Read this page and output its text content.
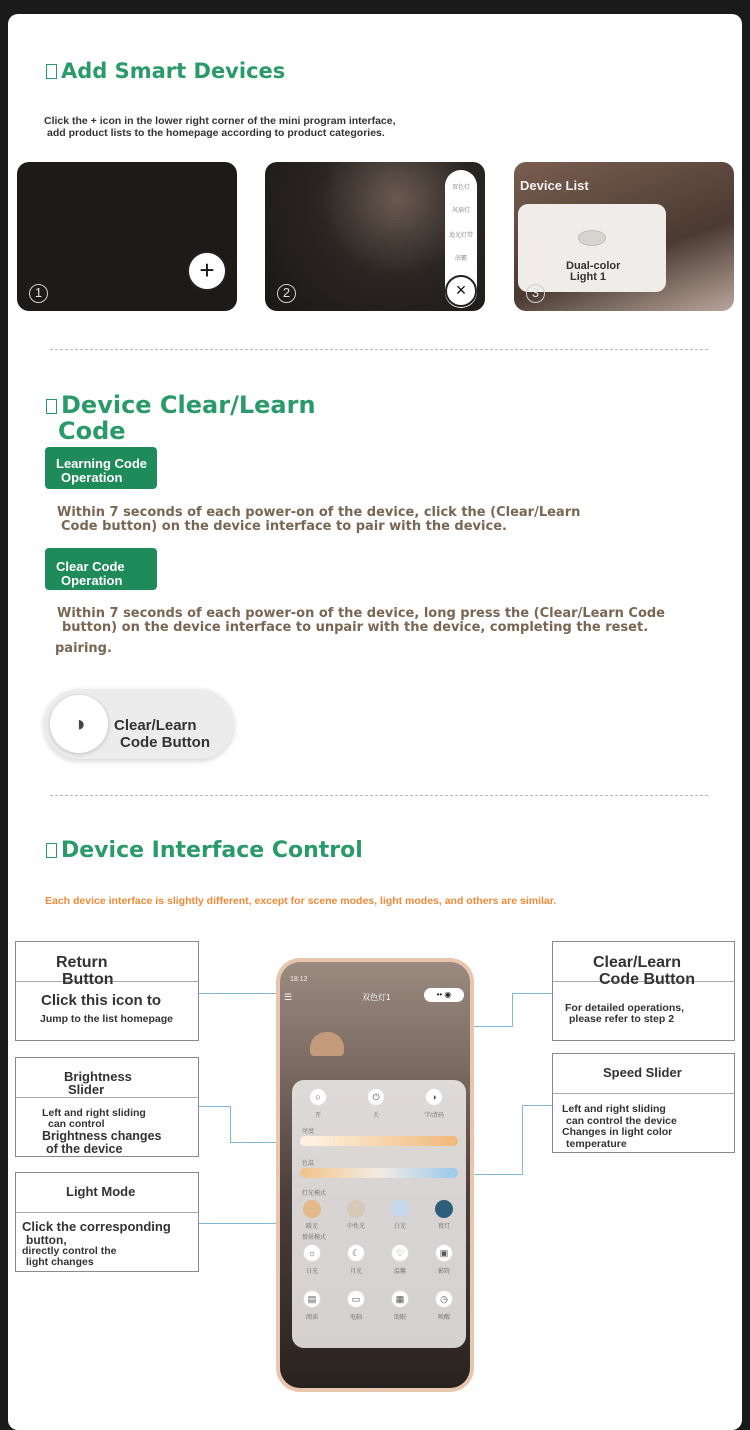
Add Smart Devices
Click the + icon in the lower right corner of the mini program interface,
add product lists to the homepage according to product categories.
+
1
双色灯
风扇灯
追光灯带
浴霸
×
2
Device List
Dual-color
Light 1
3
Device Clear/Learn
Code
Learning Code
Operation
Within 7 seconds of each power-on of the device, click the (Clear/Learn
Code button) on the device interface to pair with the device.
Clear Code
Operation
Within 7 seconds of each power-on of the device, long press the (Clear/Learn Code
button) on the device interface to unpair with the device, completing the reset.
pairing.
◑	Clear/Learn
Code Button
Device Interface Control
Each device interface is slightly different, except for scene modes, light modes, and others are similar.
Return
Button
Click this icon to
Jump to the list homepage
Brightness
Slider
Left and right sliding
can control
Brightness changes
of the device
Light Mode
Click the corresponding
button,
directly control the
light changes
Clear/Learn
Code Button
For detailed operations,
please refer to step 2
Speed Slider
Left and right sliding
can control the device
Changes in light color
temperature
18:12
☰	双色灯1	•• ◉
○	⏻	◑
开	关	学/清码
亮度
色温
灯光模式
暖光	中性光	白光	夜灯
情景模式
☼	☾	♡	▣
日光	月光	温馨	影院
▤	▭	▦	◷
阅读	电脑	助眠	唤醒
